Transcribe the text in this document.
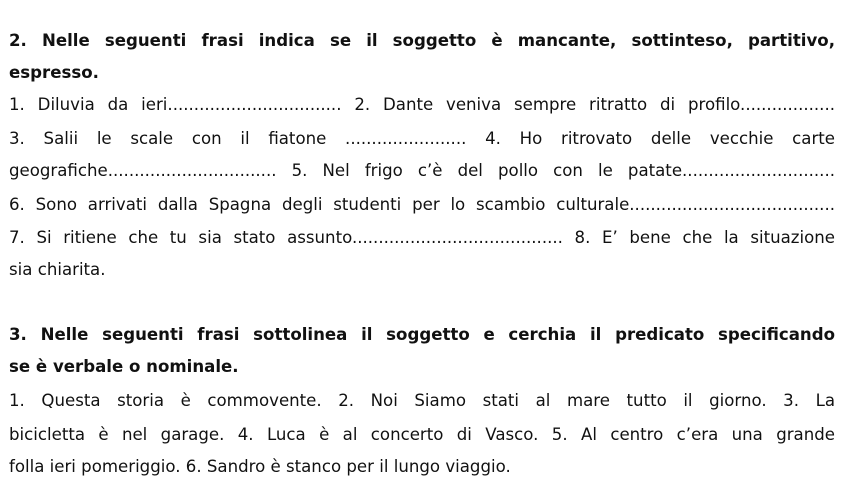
2. Nelle seguenti frasi indica se il soggetto è mancante, sottinteso, partitivo,
espresso.
1. Diluvia da ieri................................. 2. Dante veniva sempre ritratto di profilo..................
3. Salii le scale con il fiatone ....................... 4. Ho ritrovato delle vecchie carte
geografiche................................ 5. Nel frigo c’è del pollo con le patate.............................
6. Sono arrivati dalla Spagna degli studenti per lo scambio culturale.......................................
7. Si ritiene che tu sia stato assunto........................................ 8. E’ bene che la situazione
sia chiarita.
3. Nelle seguenti frasi sottolinea il soggetto e cerchia il predicato specificando
se è verbale o nominale.
1. Questa storia è commovente. 2. Noi Siamo stati al mare tutto il giorno. 3. La
bicicletta è nel garage. 4. Luca è al concerto di Vasco. 5. Al centro c’era una grande
folla ieri pomeriggio. 6. Sandro è stanco per il lungo viaggio.
